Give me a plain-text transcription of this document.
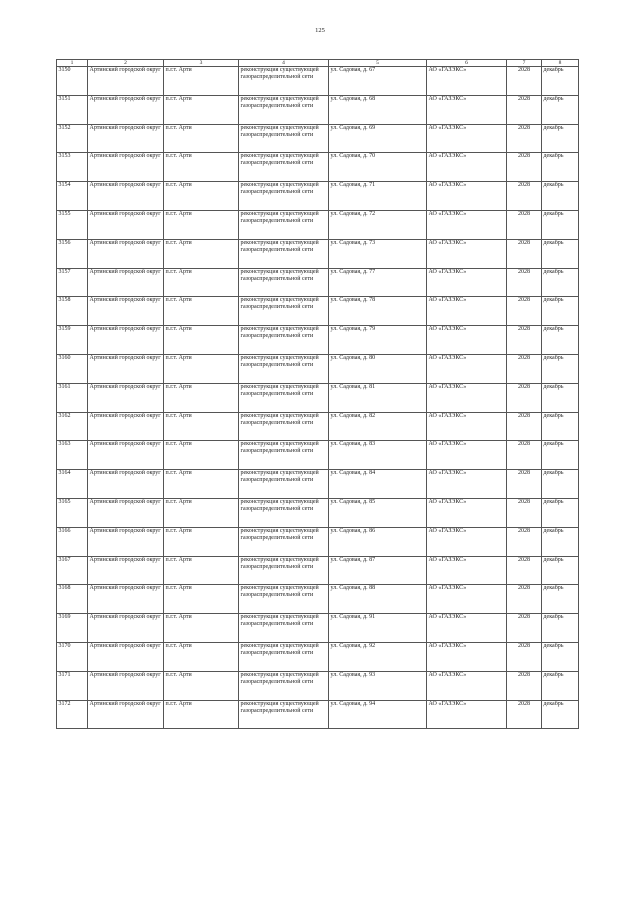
125
1	2	3	4	5	6	7	8
3150	Артинский городской округ	п.г.т. Арти	реконструкция существующей газораспределительной сети	ул. Садовая, д. 67	АО «ГАЗЭКС»	2028	декабрь
3151	Артинский городской округ	п.г.т. Арти	реконструкция существующей газораспределительной сети	ул. Садовая, д. 68	АО «ГАЗЭКС»	2028	декабрь
3152	Артинский городской округ	п.г.т. Арти	реконструкция существующей газораспределительной сети	ул. Садовая, д. 69	АО «ГАЗЭКС»	2028	декабрь
3153	Артинский городской округ	п.г.т. Арти	реконструкция существующей газораспределительной сети	ул. Садовая, д. 70	АО «ГАЗЭКС»	2028	декабрь
3154	Артинский городской округ	п.г.т. Арти	реконструкция существующей газораспределительной сети	ул. Садовая, д. 71	АО «ГАЗЭКС»	2028	декабрь
3155	Артинский городской округ	п.г.т. Арти	реконструкция существующей газораспределительной сети	ул. Садовая, д. 72	АО «ГАЗЭКС»	2028	декабрь
3156	Артинский городской округ	п.г.т. Арти	реконструкция существующей газораспределительной сети	ул. Садовая, д. 73	АО «ГАЗЭКС»	2028	декабрь
3157	Артинский городской округ	п.г.т. Арти	реконструкция существующей газораспределительной сети	ул. Садовая, д. 77	АО «ГАЗЭКС»	2028	декабрь
3158	Артинский городской округ	п.г.т. Арти	реконструкция существующей газораспределительной сети	ул. Садовая, д. 78	АО «ГАЗЭКС»	2028	декабрь
3159	Артинский городской округ	п.г.т. Арти	реконструкция существующей газораспределительной сети	ул. Садовая, д. 79	АО «ГАЗЭКС»	2028	декабрь
3160	Артинский городской округ	п.г.т. Арти	реконструкция существующей газораспределительной сети	ул. Садовая, д. 80	АО «ГАЗЭКС»	2028	декабрь
3161	Артинский городской округ	п.г.т. Арти	реконструкция существующей газораспределительной сети	ул. Садовая, д. 81	АО «ГАЗЭКС»	2028	декабрь
3162	Артинский городской округ	п.г.т. Арти	реконструкция существующей газораспределительной сети	ул. Садовая, д. 82	АО «ГАЗЭКС»	2028	декабрь
3163	Артинский городской округ	п.г.т. Арти	реконструкция существующей газораспределительной сети	ул. Садовая, д. 83	АО «ГАЗЭКС»	2028	декабрь
3164	Артинский городской округ	п.г.т. Арти	реконструкция существующей газораспределительной сети	ул. Садовая, д. 84	АО «ГАЗЭКС»	2028	декабрь
3165	Артинский городской округ	п.г.т. Арти	реконструкция существующей газораспределительной сети	ул. Садовая, д. 85	АО «ГАЗЭКС»	2028	декабрь
3166	Артинский городской округ	п.г.т. Арти	реконструкция существующей газораспределительной сети	ул. Садовая, д. 86	АО «ГАЗЭКС»	2028	декабрь
3167	Артинский городской округ	п.г.т. Арти	реконструкция существующей газораспределительной сети	ул. Садовая, д. 87	АО «ГАЗЭКС»	2028	декабрь
3168	Артинский городской округ	п.г.т. Арти	реконструкция существующей газораспределительной сети	ул. Садовая, д. 88	АО «ГАЗЭКС»	2028	декабрь
3169	Артинский городской округ	п.г.т. Арти	реконструкция существующей газораспределительной сети	ул. Садовая, д. 91	АО «ГАЗЭКС»	2028	декабрь
3170	Артинский городской округ	п.г.т. Арти	реконструкция существующей газораспределительной сети	ул. Садовая, д. 92	АО «ГАЗЭКС»	2028	декабрь
3171	Артинский городской округ	п.г.т. Арти	реконструкция существующей газораспределительной сети	ул. Садовая, д. 93	АО «ГАЗЭКС»	2028	декабрь
3172	Артинский городской округ	п.г.т. Арти	реконструкция существующей газораспределительной сети	ул. Садовая, д. 94	АО «ГАЗЭКС»	2028	декабрь
